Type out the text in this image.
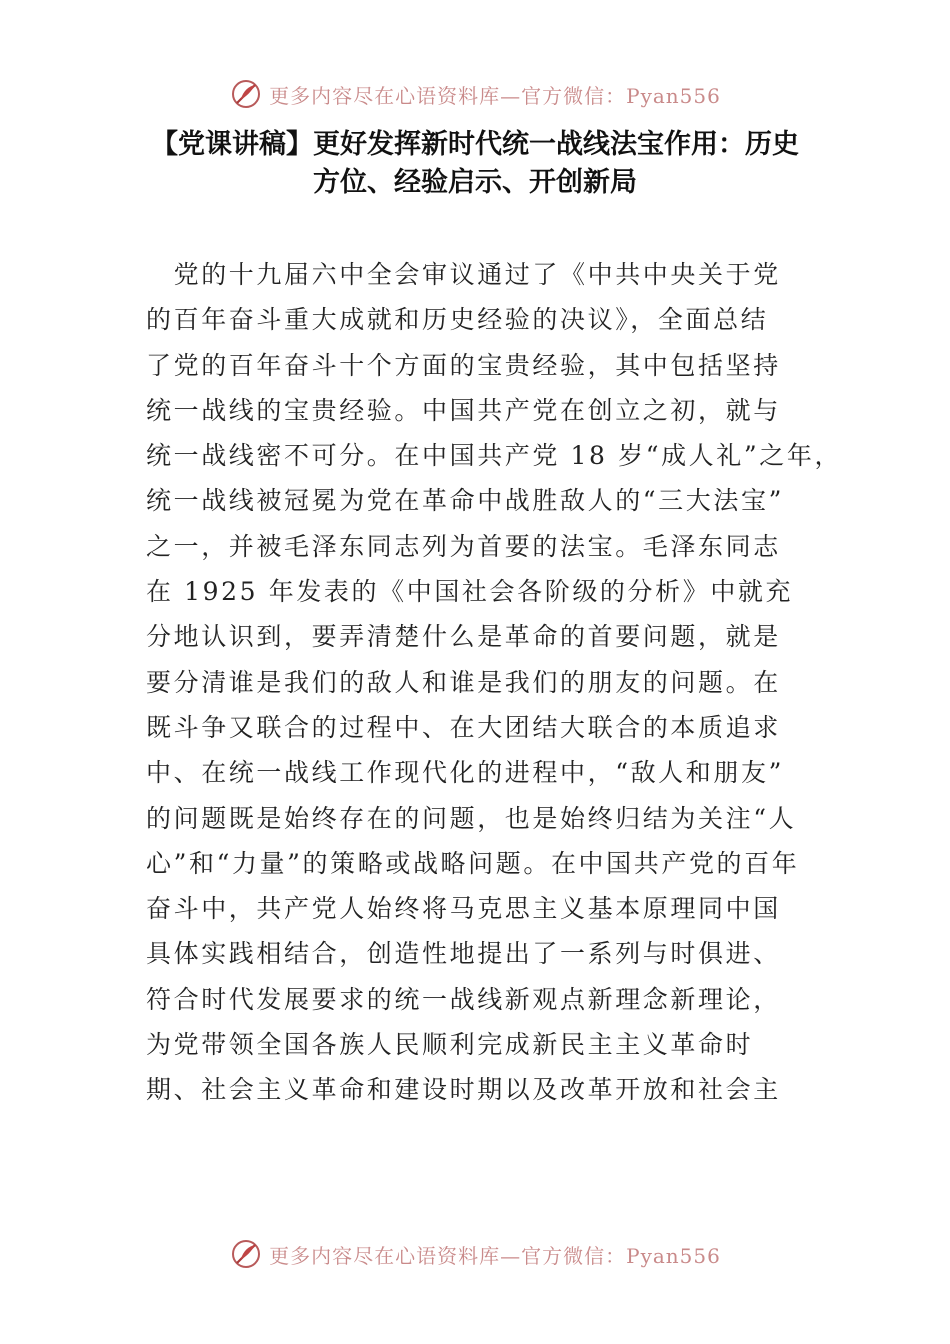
更多内容尽在心语资料库—官方微信：Pyan556
【党课讲稿】更好发挥新时代统一战线法宝作用：历史
方位、经验启示、开创新局
　党的十九届六中全会审议通过了《中共中央关于党
的百年奋斗重大成就和历史经验的决议》，全面总结
了党的百年奋斗十个方面的宝贵经验，其中包括坚持
统一战线的宝贵经验。中国共产党在创立之初，就与
统一战线密不可分。在中国共产党 18 岁“成人礼”之年，
统一战线被冠冕为党在革命中战胜敌人的“三大法宝”
之一，并被毛泽东同志列为首要的法宝。毛泽东同志
在 1925 年发表的《中国社会各阶级的分析》中就充
分地认识到，要弄清楚什么是革命的首要问题，就是
要分清谁是我们的敌人和谁是我们的朋友的问题。在
既斗争又联合的过程中、在大团结大联合的本质追求
中、在统一战线工作现代化的进程中，“敌人和朋友”
的问题既是始终存在的问题，也是始终归结为关注“人
心”和“力量”的策略或战略问题。在中国共产党的百年
奋斗中，共产党人始终将马克思主义基本原理同中国
具体实践相结合，创造性地提出了一系列与时俱进、
符合时代发展要求的统一战线新观点新理念新理论，
为党带领全国各族人民顺利完成新民主主义革命时
期、社会主义革命和建设时期以及改革开放和社会主
更多内容尽在心语资料库—官方微信：Pyan556
